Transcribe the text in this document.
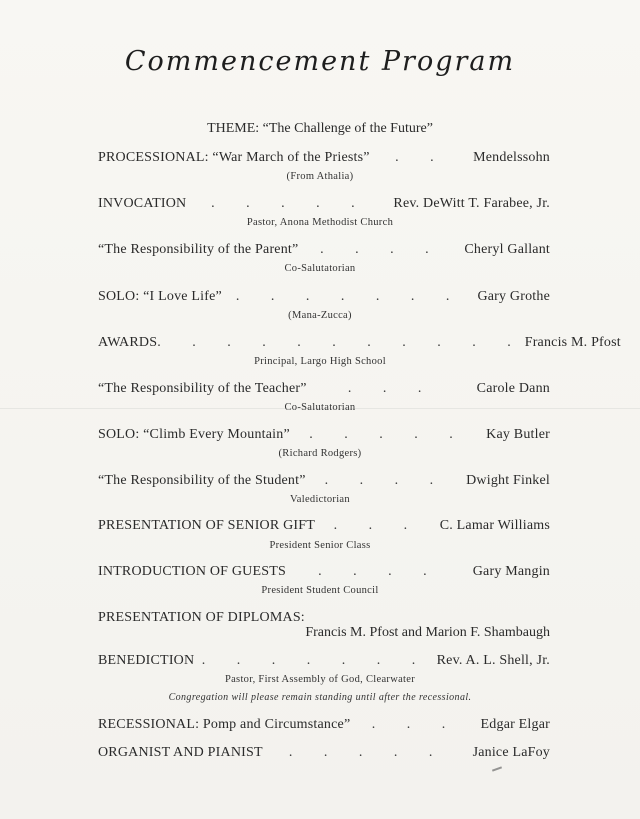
Commencement Program
THEME: “The Challenge of the Future”
PROCESSIONAL: “War March of the Priests”	. .	Mendelssohn
(From Athalia)
INVOCATION	. . . . .	Rev. DeWitt T. Farabee, Jr.
Pastor, Anona Methodist Church
“The Responsibility of the Parent”	. . . .	Cheryl Gallant
Co-Salutatorian
SOLO: “I Love Life”	. . . . . . .	Gary Grothe
(Mana-Zucca)
AWARDS . . . . . . . . . . . Francis M. Pfost
Principal, Largo High School
“The Responsibility of the Teacher”	. . .	Carole Dann
Co-Salutatorian
SOLO: “Climb Every Mountain”	. . . . .	Kay Butler
(Richard Rodgers)
“The Responsibility of the Student”	. . . .	Dwight Finkel
Valedictorian
PRESENTATION OF SENIOR GIFT	. . .	C. Lamar Williams
President Senior Class
INTRODUCTION OF GUESTS	. . . .	Gary Mangin
President Student Council
PRESENTATION OF DIPLOMAS:
Francis M. Pfost and Marion F. Shambaugh
BENEDICTION . . . . . . . Rev. A. L. Shell, Jr.
Pastor, First Assembly of God, Clearwater
Congregation will please remain standing until after the recessional.
RECESSIONAL: Pomp and Circumstance”	. . .	Edgar Elgar
ORGANIST AND PIANIST	. . . . .	Janice LaFoy
